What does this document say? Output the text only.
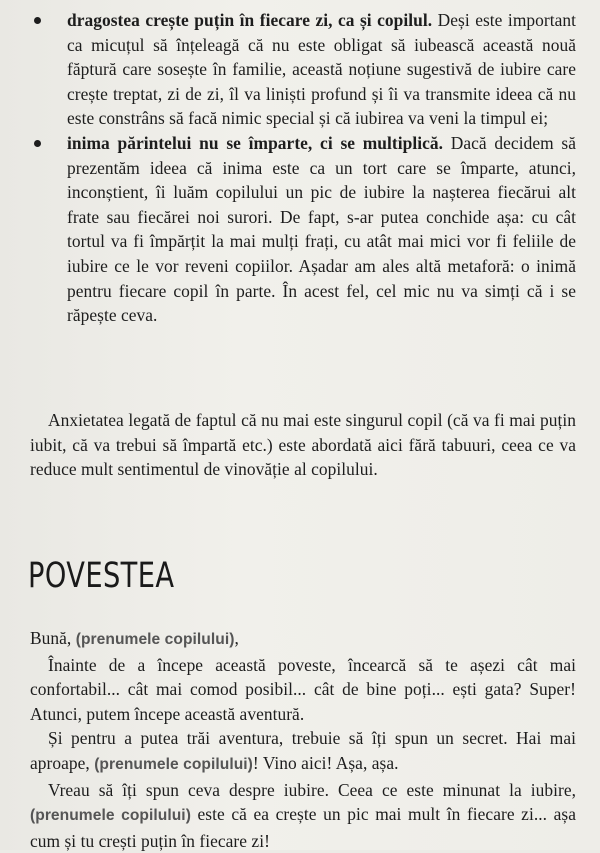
dragostea crește puțin în fiecare zi, ca și copilul. Deși este important ca micuțul să înțeleagă că nu este obligat să iubească această nouă făptură care sosește în familie, această noțiune sugestivă de iubire care crește treptat, zi de zi, îl va liniști profund și îi va transmite ideea că nu este constrâns să facă nimic special și că iubirea va veni la timpul ei;

inima părintelui nu se împarte, ci se multiplică. Dacă decidem să prezentăm ideea că inima este ca un tort care se împarte, atunci, inconștient, îi luăm copilului un pic de iubire la nașterea fiecărui alt frate sau fiecărei noi surori. De fapt, s-ar putea conchide așa: cu cât tortul va fi împărțit la mai mulți frați, cu atât mai mici vor fi feliile de iubire ce le vor reveni copiilor. Așadar am ales altă metaforă: o inimă pentru fiecare copil în parte. În acest fel, cel mic nu va simți că i se răpește ceva.

Anxietatea legată de faptul că nu mai este singurul copil (că va fi mai puțin iubit, că va trebui să împartă etc.) este abordată aici fără tabuuri, ceea ce va reduce mult sentimentul de vinovăție al copilului.

POVESTEA

Bună, (prenumele copilului),

Înainte de a începe această poveste, încearcă să te așezi cât mai confortabil... cât mai comod posibil... cât de bine poți... ești gata? Super! Atunci, putem începe această aventură.

Și pentru a putea trăi aventura, trebuie să îți spun un secret. Hai mai aproape, (prenumele copilului)! Vino aici! Așa, așa.

Vreau să îți spun ceva despre iubire. Ceea ce este minunat la iubire, (prenumele copilului) este că ea crește un pic mai mult în fiecare zi... așa cum și tu crești puțin în fiecare zi!
